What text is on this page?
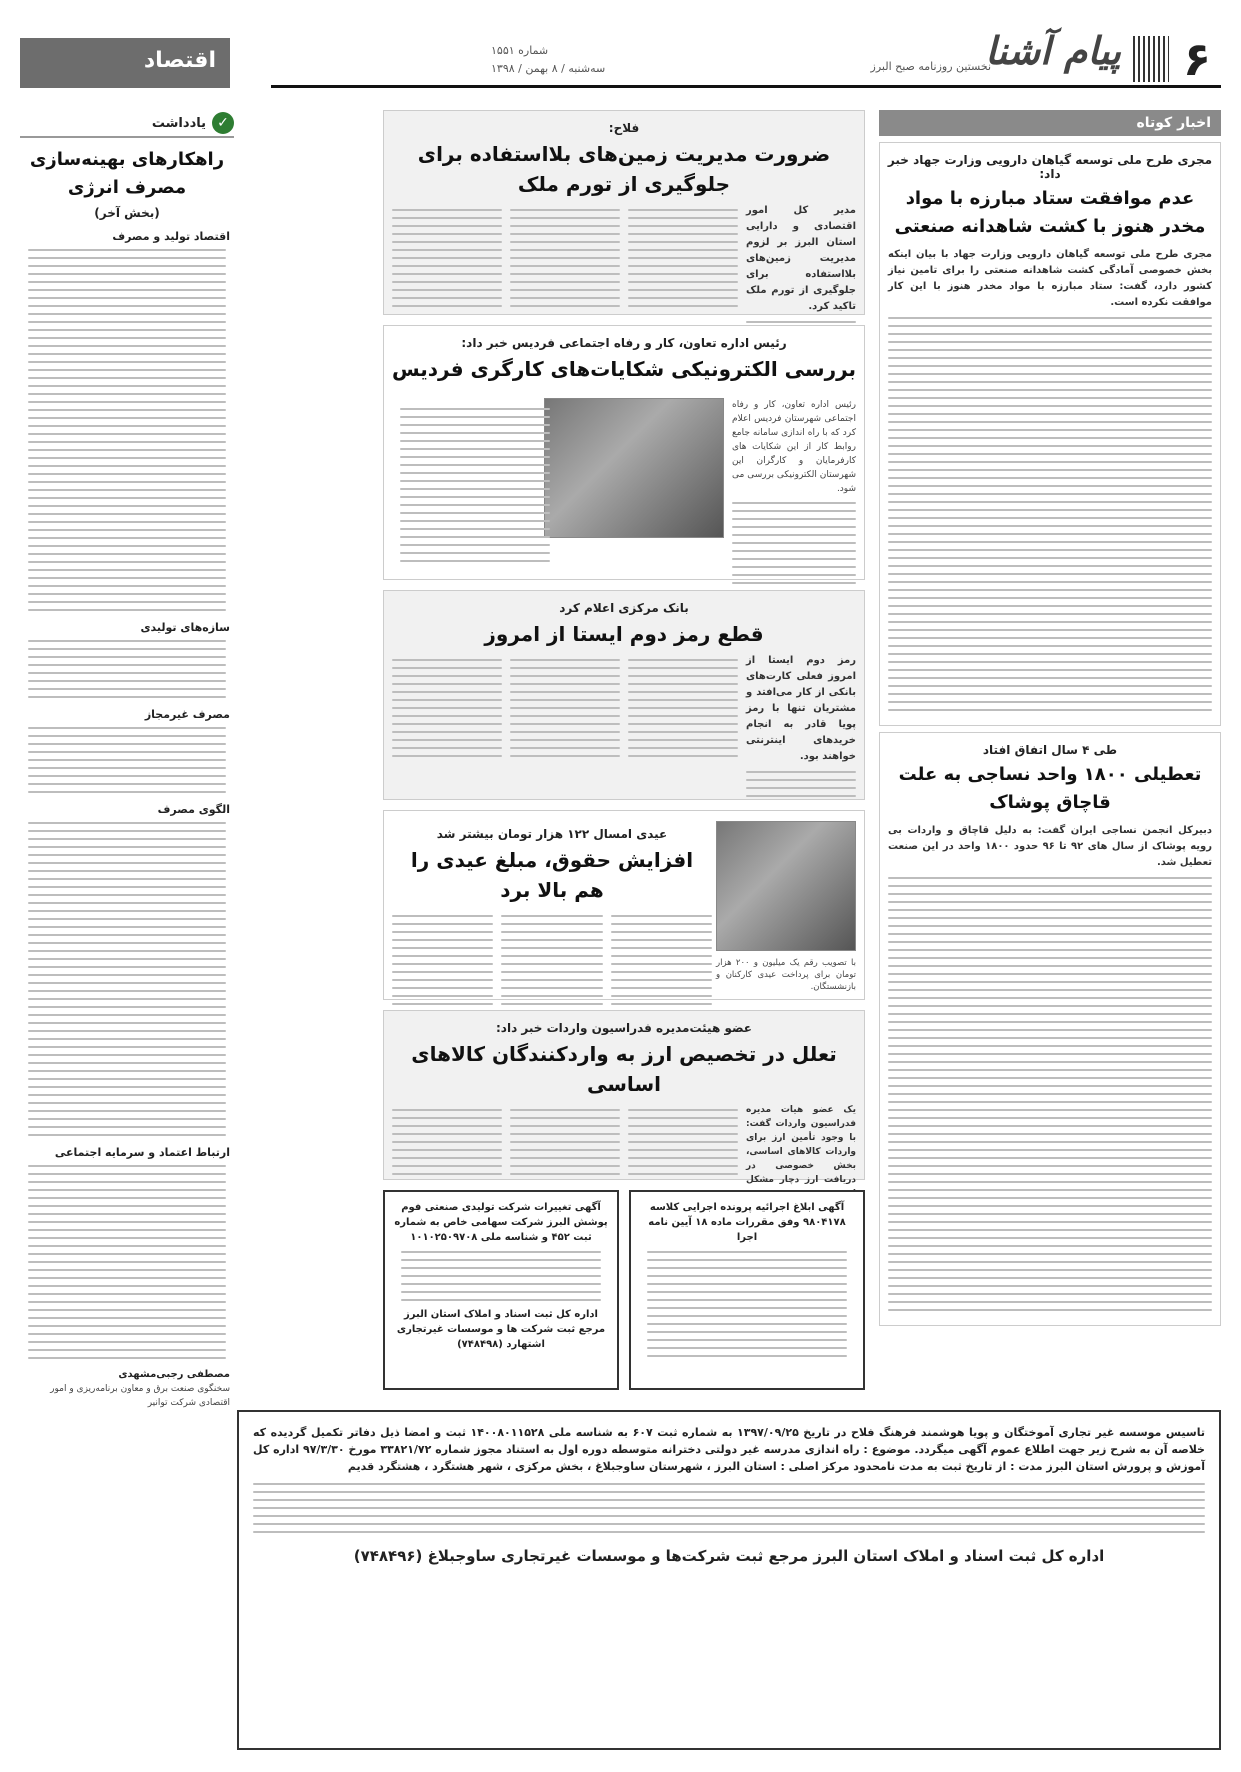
۶
پیام آشنا
نخستین روزنامه صبح البرز
شماره ۱۵۵۱
سه‌شنبه / ۸ بهمن / ۱۳۹۸
اقتصاد
اخبار کوتاه
مجری طرح ملی توسعه گیاهان دارویی وزارت جهاد خبر داد:
عدم موافقت ستاد مبارزه با مواد مخدر هنوز با کشت شاهدانه صنعتی
مجری طرح ملی توسعه گیاهان دارویی وزارت جهاد با بیان اینکه بخش خصوصی آمادگی کشت شاهدانه صنعتی را برای تامین نیاز کشور دارد، گفت: ستاد مبارزه با مواد مخدر هنوز با این کار موافقت نکرده است.
طی ۴ سال اتفاق افتاد
تعطیلی ۱۸۰۰ واحد نساجی به علت قاچاق پوشاک
دبیرکل انجمن نساجی ایران گفت: به دلیل قاچاق و واردات بی رویه پوشاک از سال های ۹۲ تا ۹۶ حدود ۱۸۰۰ واحد در این صنعت تعطیل شد.
فلاح:
ضرورت مدیریت زمین‌های بلااستفاده برای جلوگیری از تورم ملک
مدیر کل امور اقتصادی و دارایی استان البرز بر لزوم مدیریت زمین‌های بلااستفاده برای جلوگیری از تورم ملک تاکید کرد.
رئیس اداره تعاون، کار و رفاه اجتماعی فردیس خبر داد:
بررسی الکترونیکی شکایات‌های کارگری فردیس
رئیس اداره تعاون، کار و رفاه اجتماعی شهرستان فردیس اعلام کرد که با راه اندازی سامانه جامع روابط کار از این شکایات های کارفرمایان و کارگران این شهرستان الکترونیکی بررسی می شود.
بانک مرکزی اعلام کرد
قطع رمز دوم ایستا از امروز
رمز دوم ایستا از امروز فعلی کارت‌های بانکی از کار می‌افتد و مشتریان تنها با رمز پویا قادر به انجام خریدهای اینترنتی خواهند بود.
عیدی امسال ۱۲۲ هزار تومان بیشتر شد
افزایش حقوق، مبلغ عیدی را هم بالا برد
با تصویب رقم یک میلیون و ۲۰۰ هزار تومان برای پرداخت عیدی کارکنان و بازنشستگان.
عضو هیئت‌مدیره فدراسیون واردات خبر داد:
تعلل در تخصیص ارز به واردکنندگان کالاهای اساسی
یک عضو هیات مدیره فدراسیون واردات گفت: با وجود تأمین ارز برای واردات کالاهای اساسی، بخش خصوصی در دریافت ارز دچار مشکل
آگهی ابلاغ اجرائیه پرونده اجرایی کلاسه ۹۸۰۴۱۷۸ وفق مقررات ماده ۱۸ آیین نامه اجرا
آگهی تغییرات شرکت تولیدی صنعتی فوم پوشش البرز شرکت سهامی خاص به شماره ثبت ۴۵۲ و شناسه ملی ۱۰۱۰۲۵۰۹۷۰۸
اداره کل ثبت اسناد و املاک استان البرز مرجع ثبت شرکت ها و موسسات غیرتجاری اشتهارد (۷۴۸۴۹۸)
✓
یادداشت
راهکارهای بهینه‌سازی مصرف انرژی
(بخش آخر)
اقتصاد تولید و مصرف
سازه‌های تولیدی
مصرف غیرمجاز
الگوی مصرف
ارتباط اعتماد و سرمایه اجتماعی
مصطفی رجبی‌مشهدی
سخنگوی صنعت برق و معاون برنامه‌ریزی و امور اقتصادی شرکت توانیر
تاسیس موسسه غیر تجاری آموختگان و پویا هوشمند فرهنگ فلاح در تاریخ ۱۳۹۷/۰۹/۲۵ به شماره ثبت ۶۰۷ به شناسه ملی ۱۴۰۰۸۰۱۱۵۲۸ ثبت و امضا ذیل دفاتر تکمیل گردیده که خلاصه آن به شرح زیر جهت اطلاع عموم آگهی میگردد. موضوع : راه اندازی مدرسه غیر دولتی دخترانه متوسطه دوره اول به استناد مجوز شماره ۳۳۸۲۱/۷۲ مورخ ۹۷/۳/۳۰ اداره کل آموزش و پرورش استان البرز مدت : از تاریخ ثبت به مدت نامحدود مرکز اصلی : استان البرز ، شهرستان ساوجبلاغ ، بخش مرکزی ، شهر هشتگرد ، هشتگرد قدیم
اداره کل ثبت اسناد و املاک استان البرز مرجع ثبت شرکت‌ها و موسسات غیرتجاری ساوجبلاغ (۷۴۸۴۹۶)
